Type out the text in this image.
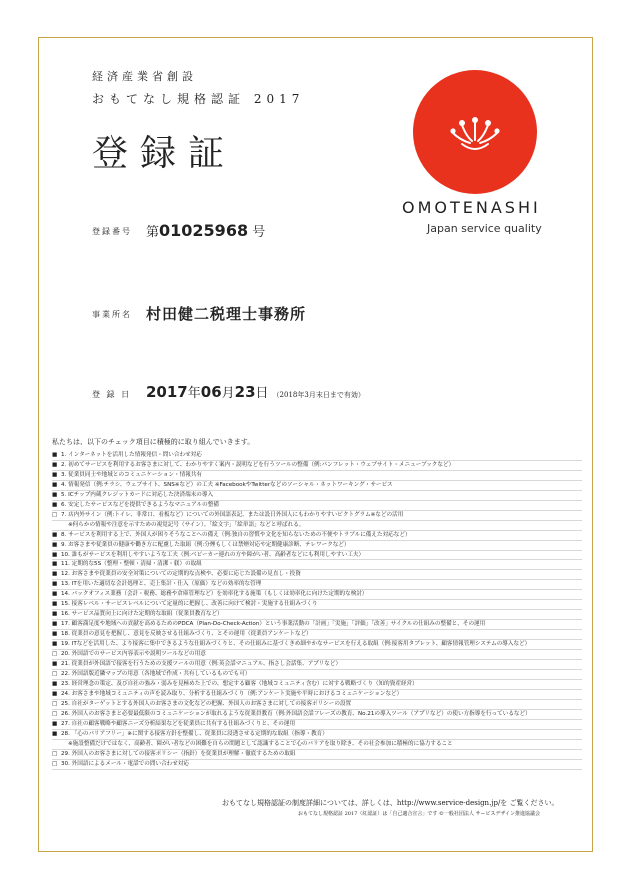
経済産業省創設
おもてなし規格認証 2017
登録証
OMOTENASHI
Japan service quality
登録番号 第01025968 号
事業所名 村田健二税理士事務所
登 録 日 2017年06月23日 （2018年3月末日まで有効）
私たちは、以下のチェック項目に積極的に取り組んでいきます。
■ 1. インターネットを活用した情報発信・問い合わせ対応
■ 2. 初めてサービスを利用するお客さまに対して、わかりやすく案内・説明などを行うツールの整備（例:パンフレット・ウェブサイト・メニューブックなど）
■ 3. 従業員同士や地域とのコミュニケーション・情報共有
■ 4. 情報発信（例:チラシ、ウェブサイト、SNS※など）の工夫 ※FacebookやTwitterなどのソーシャル・ネットワーキング・サービス
■ 5. ICチップ内蔵クレジットカードに対応した決済端末の導入
■ 6. 安定したサービスなどを提供できるようなマニュアルの整備
□ 7. 店内外サイン（例:トイレ、非常口、看板など）についての外国語表記、または設日外国人にもわかりやすいピクトグラム※などの活用
※何らかの情報や注意を示すための視覚記号（サイン）。「絵文字」「絵単語」などと呼ばれる。
■ 8. サービスを利用する上で、外国人が困りそうなことへの備え（例:独自の習慣や文化を知らないための不便やトラブルに備えた対応など）
■ 9. お客さまや従業員の健康や働き方に配慮した取組（例:分煙もしくは禁煙対応や定期健康診断、テレワークなど）
■ 10. 誰もがサービスを利用しやすいような工夫（例:ベビーカー連れの方や障がい者、高齢者などにも利用しやすい工夫）
■ 11. 定期的な5S（整理・整頓・清掃・清潔・躾）の取組
■ 12. お客さまや従業員の安全対策についての定期的な点検や、必要に応じた設備の見直し・投資
■ 13. ITを用いた適切な会計処理と、売上集計・仕入（原価）などの効率的な管理
■ 14. バックオフィス業務（会計・税務、総務や倉庫管理など）を効率化する施策（もしくは効率化に向けた定期的な検討）
■ 15. 接客レベル・サービスレベルについて定量的に把握し、改善に向けて検討・実施する仕組みづくり
■ 16. サービス品質向上に向けた定期的な取組（従業員教育など）
■ 17. 顧客満足度や地域への貢献を高めるためのPDCA（Plan-Do-Check-Action）という事業活動の「計画」「実施」「評価」「改善」サイクルの仕組みの整備と、その運用
■ 18. 従業員の意見を把握し、意見を反映させる仕組みづくり、とその運用（従業員アンケートなど）
■ 19. ITなどを活用した、より接客に集中できるような仕組みづくりと、その仕組みに基づくきめ細やかなサービスを行える取組（例:接客用タブレット、顧客情報管理システムの導入など）
□ 20. 外国語でのサービス内容表示や説明ツールなどの用意
■ 21. 従業員が外国語で接客を行うための支援ツールの用意（例:英会話マニュアル、指さし会話集、アプリなど）
□ 22. 外国語版近隣マップの用意（各地域で作成・共有しているものでも可）
■ 23. 経営理念の策定、及び自社の強み・弱みを見極めた上での、想定する顧客（地域コミュニティ含む）に対する戦略づくり（知的資産経営）
■ 24. お客さまや地域コミュニティの声を読み取り、分析する仕組みづくり（例:アンケート実施や平時におけるコミュニケーションなど）
□ 25. 自社がターゲットとする外国人のお客さまの文化などの把握、外国人のお客さまに対しての接客ポリシーの設置
□ 26. 外国人のお客さまと必要最低限のコミュニケーションが取れるような従業員教育（例:外国語会話フレーズの教育、No.21の導入ツール（アプリなど）の使い方指導を行っているなど）
■ 27. 自社の顧客戦略や顧客ニーズ分析結果などを従業員に共有する仕組みづくりと、その運用
■ 28. 「心のバリアフリー」※に関する接客方針を整備し、従業員に浸透させる定期的な取組（指導・教育）
※施設整備だけではなく、高齢者、障がい者などの困難を自らの問題として認識することで心のバリアを取り除き、その社会参加に積極的に協力すること
□ 29. 外国人のお客さまに対しての接客ポリシー（指針）を従業員が理解・徹底するための取組
□ 30. 外国語によるメール・電話での問い合わせ対応
おもてなし規格認証の制度詳細については、詳しくは、http://www.service-design.jp/を ご覧ください。
おもてなし規格認証 2017（紅認証）は「自己適合宣言」です ©一般社団法人 サービスデザイン推進協議会
